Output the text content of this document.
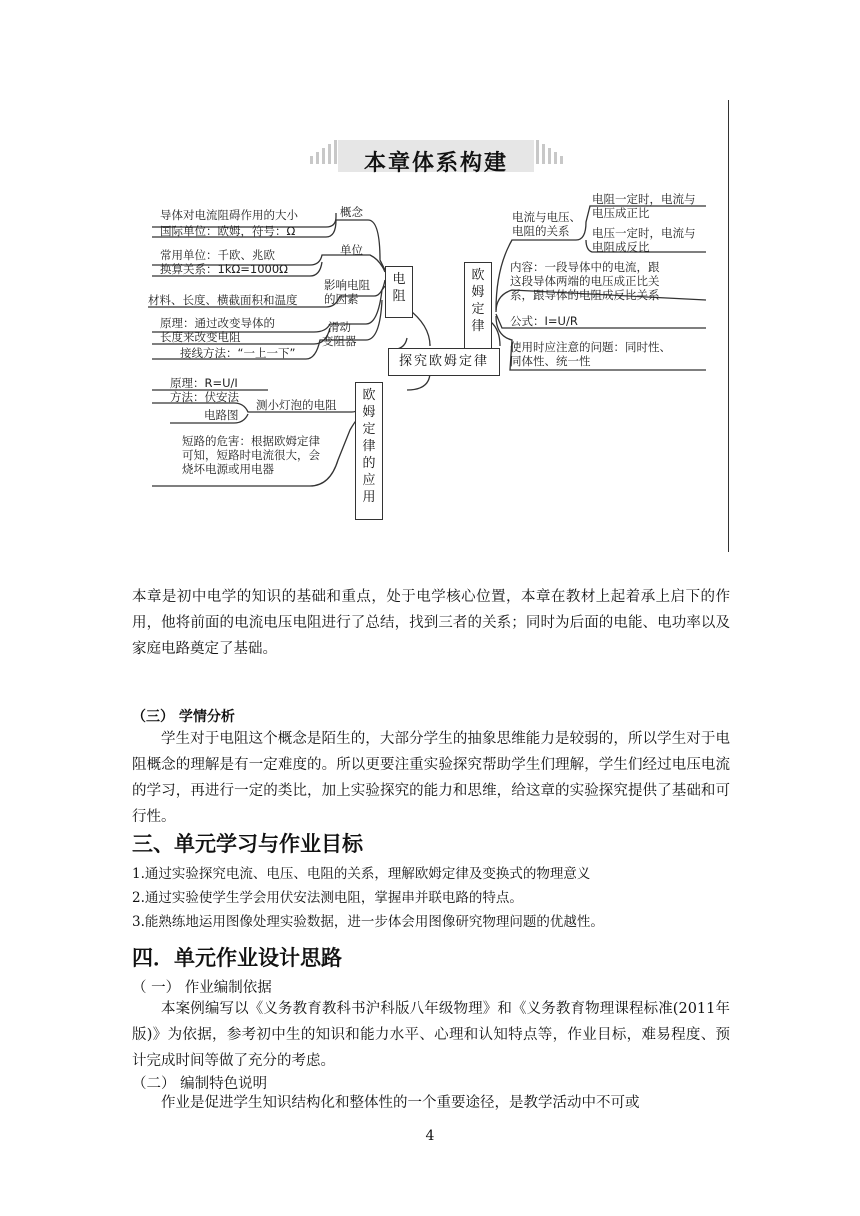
本章体系构建
电
阻
欧
姆
定
律
的
应
用
欧
姆
定
律
探究欧姆定律
导体对电流阻碍作用的大小	概念
国际单位：欧姆，符号：Ω
单位
常用单位：千欧、兆欧
换算关系：1kΩ=1000Ω
影响电阻
的因素
材料、长度、横截面积和温度
原理：通过改变导体的
长度来改变电阻
滑动
变阻器
接线方法：“一上一下”
原理：R=U/I
方法：伏安法
测小灯泡的电阻
电路图
短路的危害：根据欧姆定律
可知，短路时电流很大，会
烧坏电源或用电器
电流与电压、
电阻的关系
电阻一定时，电流与
电压成正比
电压一定时，电流与
电阻成反比
内容：一段导体中的电流，跟
这段导体两端的电压成正比关
系，跟导体的电阻成反比关系
公式：I=U/R
使用时应注意的问题：同时性、
同体性、统一性

本章是初中电学的知识的基础和重点，处于电学核心位置，本章在教材上起着承上启下的作用，他将前面的电流电压电阻进行了总结，找到三者的关系；同时为后面的电能、电功率以及家庭电路奠定了基础。

（三） 学情分析

学生对于电阻这个概念是陌生的，大部分学生的抽象思维能力是较弱的，所以学生对于电阻概念的理解是有一定难度的。所以更要注重实验探究帮助学生们理解，学生们经过电压电流的学习，再进行一定的类比，加上实验探究的能力和思维，给这章的实验探究提供了基础和可行性。

三、单元学习与作业目标
1.通过实验探究电流、电压、电阻的关系，理解欧姆定律及变换式的物理意义
2.通过实验使学生学会用伏安法测电阻，掌握串并联电路的特点。
3.能熟练地运用图像处理实验数据，进一步体会用图像研究物理问题的优越性。
四．单元作业设计思路
（ 一） 作业编制依据

本案例编写以《义务教育教科书沪科版八年级物理》和《义务教育物理课程标准(2011年版)》为依据，参考初中生的知识和能力水平、心理和认知特点等，作业目标，难易程度、预计完成时间等做了充分的考虑。

（二） 编制特色说明

作业是促进学生知识结构化和整体性的一个重要途径，是教学活动中不可或

4
